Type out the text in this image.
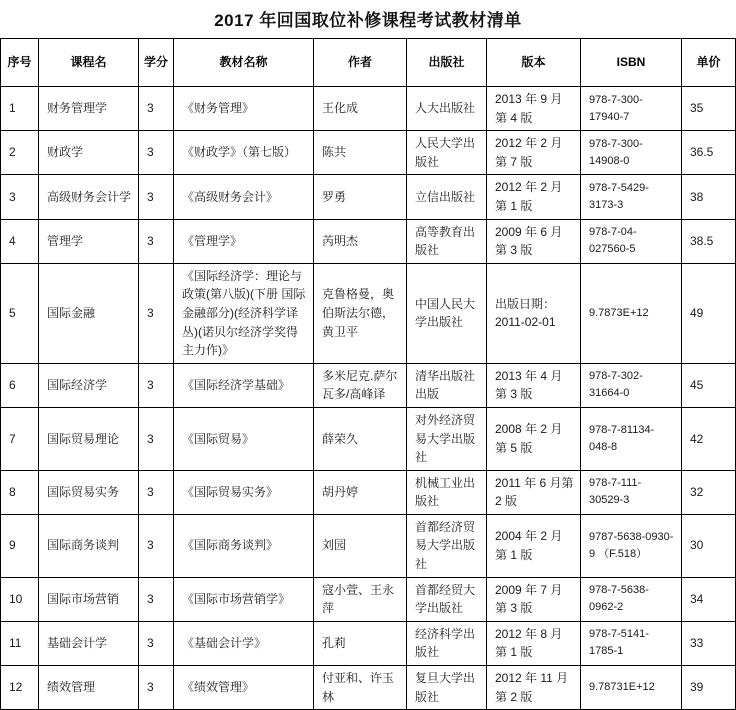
2017 年回国取位补修课程考试教材清单
序号	课程名	学分	教材名称	作者	出版社	版本	ISBN	单价
1	财务管理学	3	《财务管理》	王化成	人大出版社	2013 年 9 月第 4 版	978-7-300-17940-7	35
2	财政学	3	《财政学》（第七版）	陈共	人民大学出版社	2012 年 2 月第 7 版	978-7-300-14908-0	36.5
3	高级财务会计学	3	《高级财务会计》	罗勇	立信出版社	2012 年 2 月第 1 版	978-7-5429-3173-3	38
4	管理学	3	《管理学》	芮明杰	高等教育出版社	2009 年 6 月第 3 版	978-7-04-027560-5	38.5
5	国际金融	3	《国际经济学：理论与政策(第八版)(下册 国际金融部分)(经济科学译丛)(诺贝尔经济学奖得主力作)》	克鲁格曼，奥伯斯法尔德，黄卫平	中国人民大学出版社	出版日期：2011-02-01	9.7873E+12	49
6	国际经济学	3	《国际经济学基础》	多米尼克.萨尔瓦多/高峰译	清华出版社出版	2013 年 4 月第 3 版	978-7-302-31664-0	45
7	国际贸易理论	3	《国际贸易》	薛荣久	对外经济贸易大学出版社	2008 年 2 月第 5 版	978-7-81134-048-8	42
8	国际贸易实务	3	《国际贸易实务》	胡丹婷	机械工业出版社	2011 年 6 月第 2 版	978-7-111-30529-3	32
9	国际商务谈判	3	《国际商务谈判》	刘园	首都经济贸易大学出版社	2004 年 2 月第 1 版	9787-5638-0930-9 （F.518）	30
10	国际市场营销	3	《国际市场营销学》	寇小萱、王永萍	首都经贸大学出版社	2009 年 7 月第 3 版	978-7-5638-0962-2	34
11	基础会计学	3	《基础会计学》	孔莉	经济科学出版社	2012 年 8 月第 1 版	978-7-5141-1785-1	33
12	绩效管理	3	《绩效管理》	付亚和、许玉林	复旦大学出版社	2012 年 11 月第 2 版	9.78731E+12	39
